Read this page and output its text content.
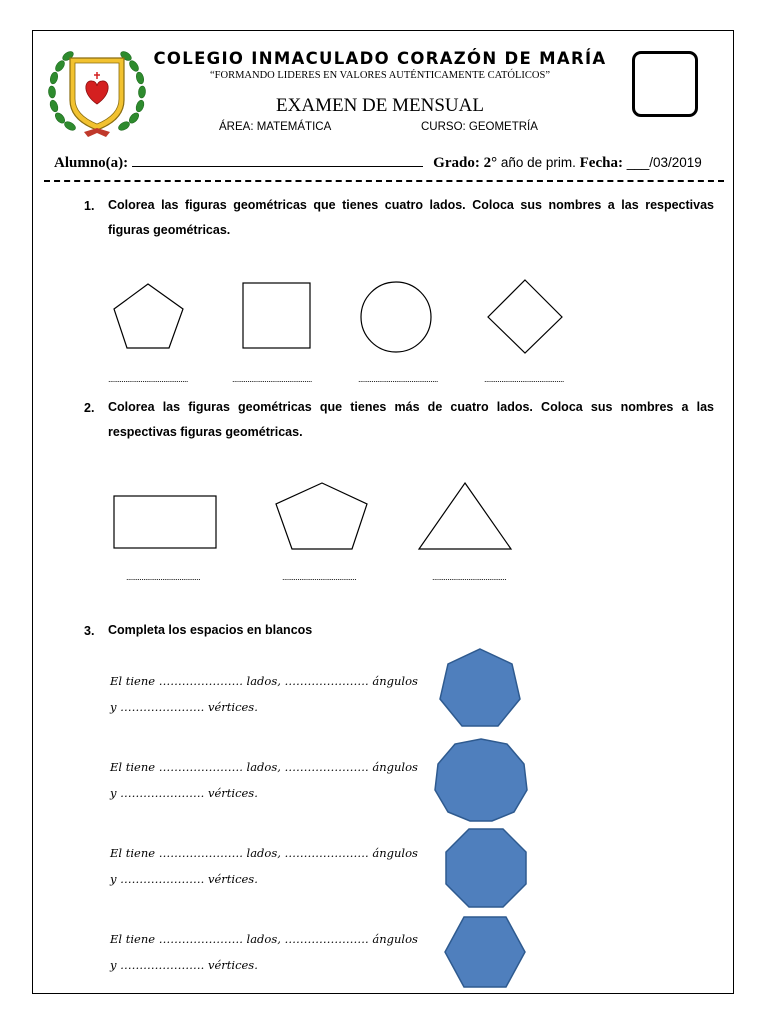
COLEGIO INMACULADO CORAZÓN DE MARÍA
“FORMANDO LIDERES EN VALORES AUTÉNTICAMENTE CATÓLICOS”
EXAMEN DE MENSUAL
ÁREA: MATEMÁTICA	CURSO: GEOMETRÍA
Alumno(a):	Grado: 2° año de prim. Fecha: ___/03/2019
1. Colorea las figuras geométricas que tienes cuatro lados. Coloca sus nombres a las respectivas figuras geométricas.
..........................................	..........................................	..........................................	..........................................
2. Colorea las figuras geométricas que tienes más de cuatro lados. Coloca sus nombres a las respectivas figuras geométricas.
.......................................	.......................................	.......................................
3. Completa los espacios en blancos
El tiene …………………. lados, …………………. ángulos
y …………………. vértices.
El tiene …………………. lados, …………………. ángulos
y …………………. vértices.
El tiene …………………. lados, …………………. ángulos
y …………………. vértices.
El tiene …………………. lados, …………………. ángulos
y …………………. vértices.
